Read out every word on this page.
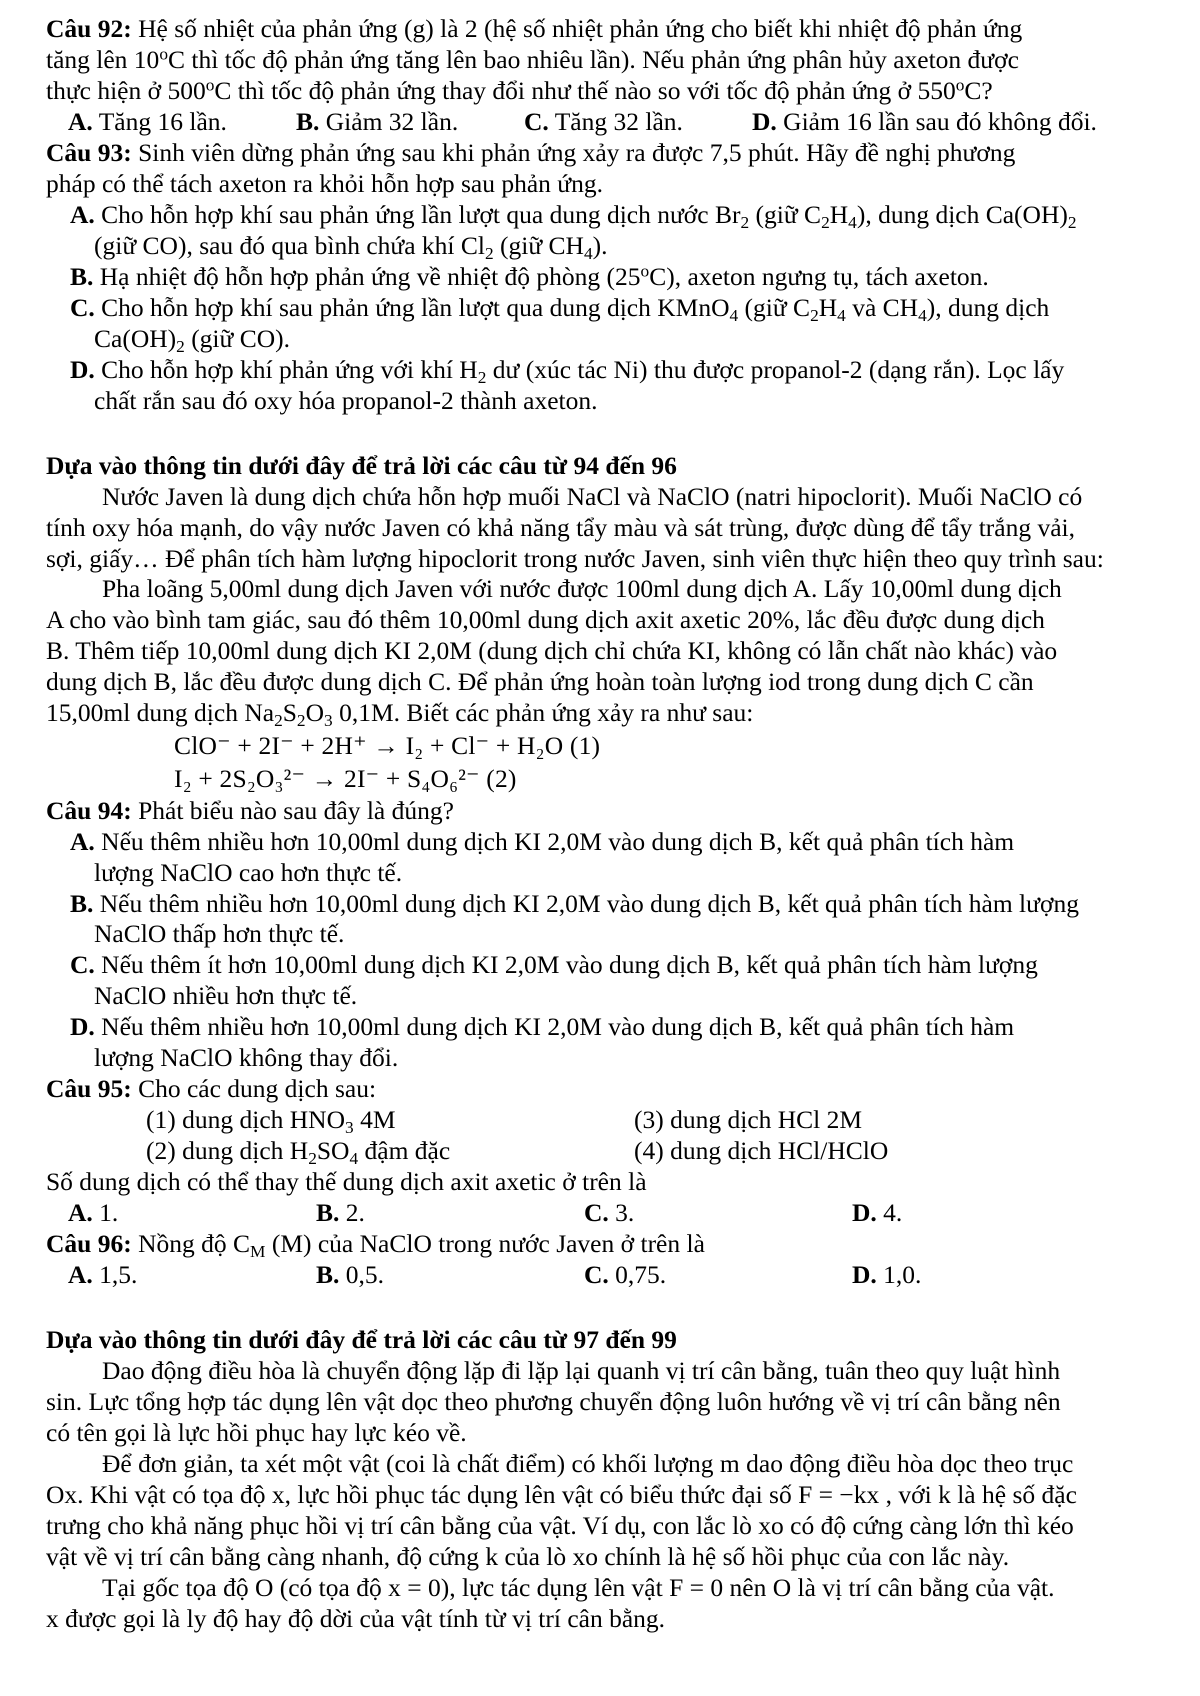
Câu 92: Hệ số nhiệt của phản ứng (g) là 2 (hệ số nhiệt phản ứng cho biết khi nhiệt độ phản ứng

tăng lên 10$^o$C thì tốc độ phản ứng tăng lên bao nhiêu lần). Nếu phản ứng phân hủy axeton được

thực hiện ở 500$^o$C thì tốc độ phản ứng thay đổi như thế nào so với tốc độ phản ứng ở 550$^o$C?

A. Tăng 16 lần.	B. Giảm 32 lần.	C. Tăng 32 lần.	D. Giảm 16 lần sau đó không đổi.

Câu 93: Sinh viên dừng phản ứng sau khi phản ứng xảy ra được 7,5 phút. Hãy đề nghị phương

pháp có thể tách axeton ra khỏi hỗn hợp sau phản ứng.

A. Cho hỗn hợp khí sau phản ứng lần lượt qua dung dịch nước $Br_2$ (giữ $C_2H_4$), dung dịch $Ca(OH)_2$

(giữ CO), sau đó qua bình chứa khí $Cl_2$ (giữ $CH_4$).

B. Hạ nhiệt độ hỗn hợp phản ứng về nhiệt độ phòng (25$^o$C), axeton ngưng tụ, tách axeton.

C. Cho hỗn hợp khí sau phản ứng lần lượt qua dung dịch KMnO$_4$ (giữ $C_2H_4$ và $CH_4$), dung dịch

$Ca(OH)_2$ (giữ CO).

D. Cho hỗn hợp khí phản ứng với khí $H_2$ dư (xúc tác Ni) thu được propanol-2 (dạng rắn). Lọc lấy

chất rắn sau đó oxy hóa propanol-2 thành axeton.

Dựa vào thông tin dưới đây để trả lời các câu từ 94 đến 96

Nước Javen là dung dịch chứa hỗn hợp muối NaCl và NaClO (natri hipoclorit). Muối NaClO có

tính oxy hóa mạnh, do vậy nước Javen có khả năng tẩy màu và sát trùng, được dùng để tẩy trắng vải,

sợi, giấy… Để phân tích hàm lượng hipoclorit trong nước Javen, sinh viên thực hiện theo quy trình sau:

Pha loãng 5,00ml dung dịch Javen với nước được 100ml dung dịch A. Lấy 10,00ml dung dịch

A cho vào bình tam giác, sau đó thêm 10,00ml dung dịch axit axetic 20%, lắc đều được dung dịch

B. Thêm tiếp 10,00ml dung dịch KI 2,0M (dung dịch chỉ chứa KI, không có lẫn chất nào khác) vào

dung dịch B, lắc đều được dung dịch C. Để phản ứng hoàn toàn lượng iod trong dung dịch C cần

15,00ml dung dịch $Na_2S_2O_3$ 0,1M. Biết các phản ứng xảy ra như sau:

ClO⁻ + 2I⁻ + 2H⁺ → I₂ + Cl⁻ + H₂O (1)

I₂ + 2S₂O₃²⁻ → 2I⁻ + S₄O₆²⁻ (2)

Câu 94: Phát biểu nào sau đây là đúng?

A. Nếu thêm nhiều hơn 10,00ml dung dịch KI 2,0M vào dung dịch B, kết quả phân tích hàm

lượng NaClO cao hơn thực tế.

B. Nếu thêm nhiều hơn 10,00ml dung dịch KI 2,0M vào dung dịch B, kết quả phân tích hàm lượng

NaClO thấp hơn thực tế.

C. Nếu thêm ít hơn 10,00ml dung dịch KI 2,0M vào dung dịch B, kết quả phân tích hàm lượng

NaClO nhiều hơn thực tế.

D. Nếu thêm nhiều hơn 10,00ml dung dịch KI 2,0M vào dung dịch B, kết quả phân tích hàm

lượng NaClO không thay đổi.

Câu 95: Cho các dung dịch sau:

(1) dung dịch $HNO_3$ 4M	(3) dung dịch HCl 2M
(2) dung dịch $H_2SO_4$ đậm đặc	(4) dung dịch HCl/HClO

Số dung dịch có thể thay thế dung dịch axit axetic ở trên là

A. 1.	B. 2.	C. 3.	D. 4.

Câu 96: Nồng độ $C_M$ (M) của NaClO trong nước Javen ở trên là

A. 1,5.	B. 0,5.	C. 0,75.	D. 1,0.

Dựa vào thông tin dưới đây để trả lời các câu từ 97 đến 99

Dao động điều hòa là chuyển động lặp đi lặp lại quanh vị trí cân bằng, tuân theo quy luật hình

sin. Lực tổng hợp tác dụng lên vật dọc theo phương chuyển động luôn hướng về vị trí cân bằng nên

có tên gọi là lực hồi phục hay lực kéo về.

Để đơn giản, ta xét một vật (coi là chất điểm) có khối lượng m dao động điều hòa dọc theo trục

Ox. Khi vật có tọa độ x, lực hồi phục tác dụng lên vật có biểu thức đại số F = −kx , với k là hệ số đặc

trưng cho khả năng phục hồi vị trí cân bằng của vật. Ví dụ, con lắc lò xo có độ cứng càng lớn thì kéo

vật về vị trí cân bằng càng nhanh, độ cứng k của lò xo chính là hệ số hồi phục của con lắc này.

Tại gốc tọa độ O (có tọa độ x = 0), lực tác dụng lên vật F = 0 nên O là vị trí cân bằng của vật.

x được gọi là ly độ hay độ dời của vật tính từ vị trí cân bằng.
